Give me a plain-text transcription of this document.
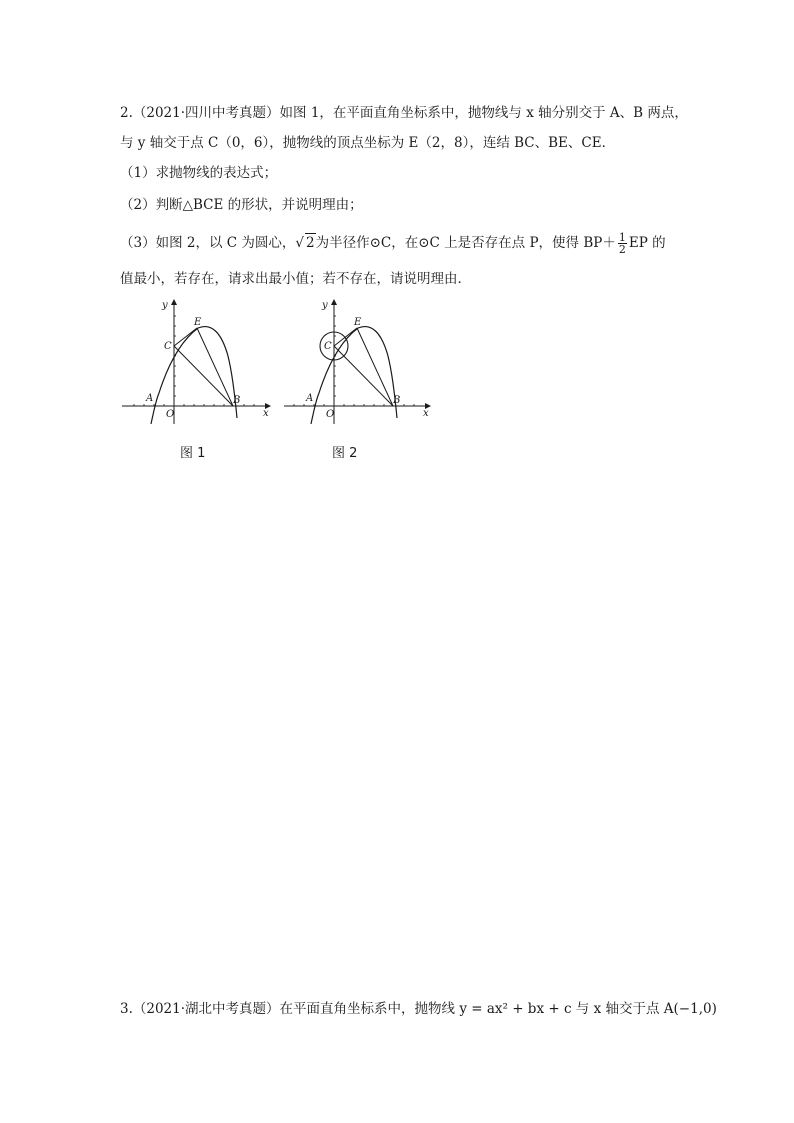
2.（2021·四川中考真题）如图 1，在平面直角坐标系中，抛物线与 x 轴分别交于 A、B 两点，
与 y 轴交于点 C（0，6），抛物线的顶点坐标为 E（2，8），连结 BC、BE、CE．
（1）求抛物线的表达式；
（2）判断△BCE 的形状，并说明理由；
（3）如图 2，以 C 为圆心，√ 2为半径作⊙C，在⊙C 上是否存在点 P，使得 $BP+ \frac{1}{2}$ EP 的
值最小，若存在，请求出最小值；若不存在，请说明理由．
y
x
O
A	B
C
E
图 1
y
x
O
A	B
C
E
图 2
3.（2021·湖北中考真题）在平面直角坐标系中，抛物线 y = ax² + bx + c 与 x 轴交于点 A(−1,0)
